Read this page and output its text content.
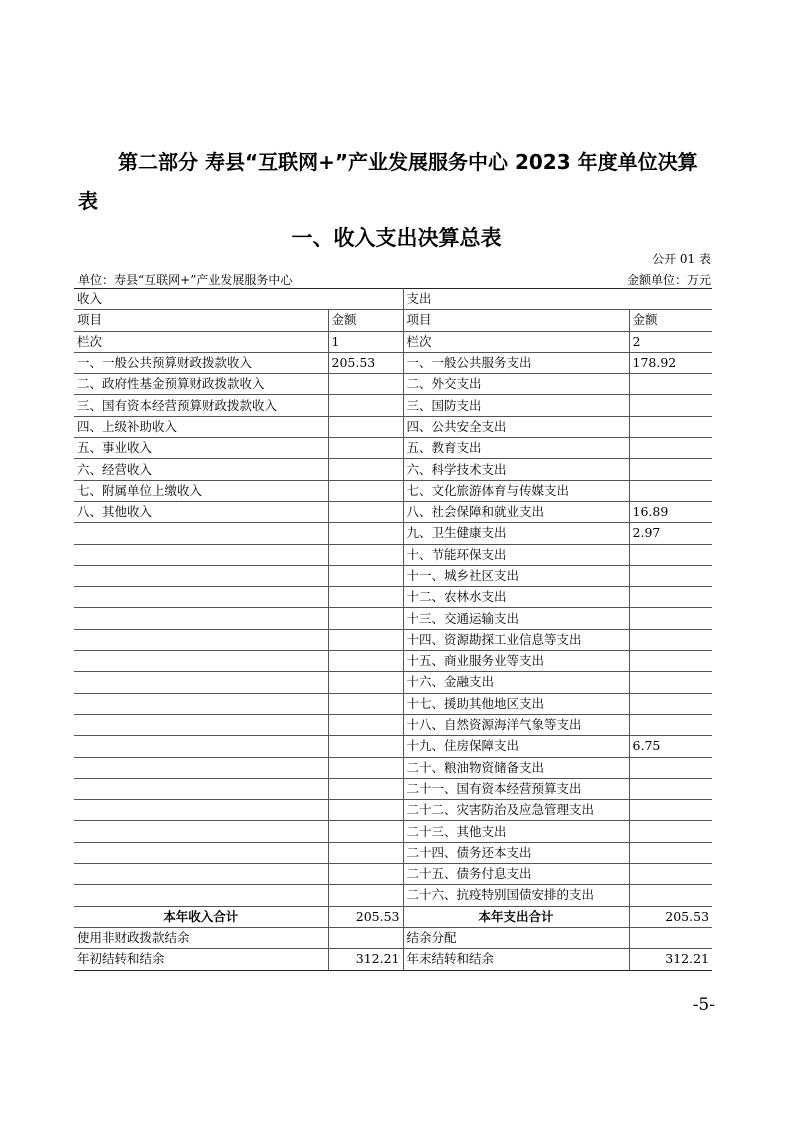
第二部分 寿县“互联网+”产业发展服务中心 2023 年度单位决算
表
一、收入支出决算总表
公开 01 表
单位：寿县“互联网+”产业发展服务中心	金额单位：万元
收入		支出	
项目	金额	项目	金额
栏次	1	栏次	2
一、一般公共预算财政拨款收入	205.53	一、一般公共服务支出	178.92
二、政府性基金预算财政拨款收入		二、外交支出	
三、国有资本经营预算财政拨款收入		三、国防支出	
四、上级补助收入		四、公共安全支出	
五、事业收入		五、教育支出	
六、经营收入		六、科学技术支出	
七、附属单位上缴收入		七、文化旅游体育与传媒支出	
八、其他收入		八、社会保障和就业支出	16.89
		九、卫生健康支出	2.97
		十、节能环保支出	
		十一、城乡社区支出	
		十二、农林水支出	
		十三、交通运输支出	
		十四、资源勘探工业信息等支出	
		十五、商业服务业等支出	
		十六、金融支出	
		十七、援助其他地区支出	
		十八、自然资源海洋气象等支出	
		十九、住房保障支出	6.75
		二十、粮油物资储备支出	
		二十一、国有资本经营预算支出	
		二十二、灾害防治及应急管理支出	
		二十三、其他支出	
		二十四、债务还本支出	
		二十五、债务付息支出	
		二十六、抗疫特别国债安排的支出	
本年收入合计	205.53	本年支出合计	205.53
使用非财政拨款结余		结余分配	
年初结转和结余	312.21	年末结转和结余	312.21
-5-
